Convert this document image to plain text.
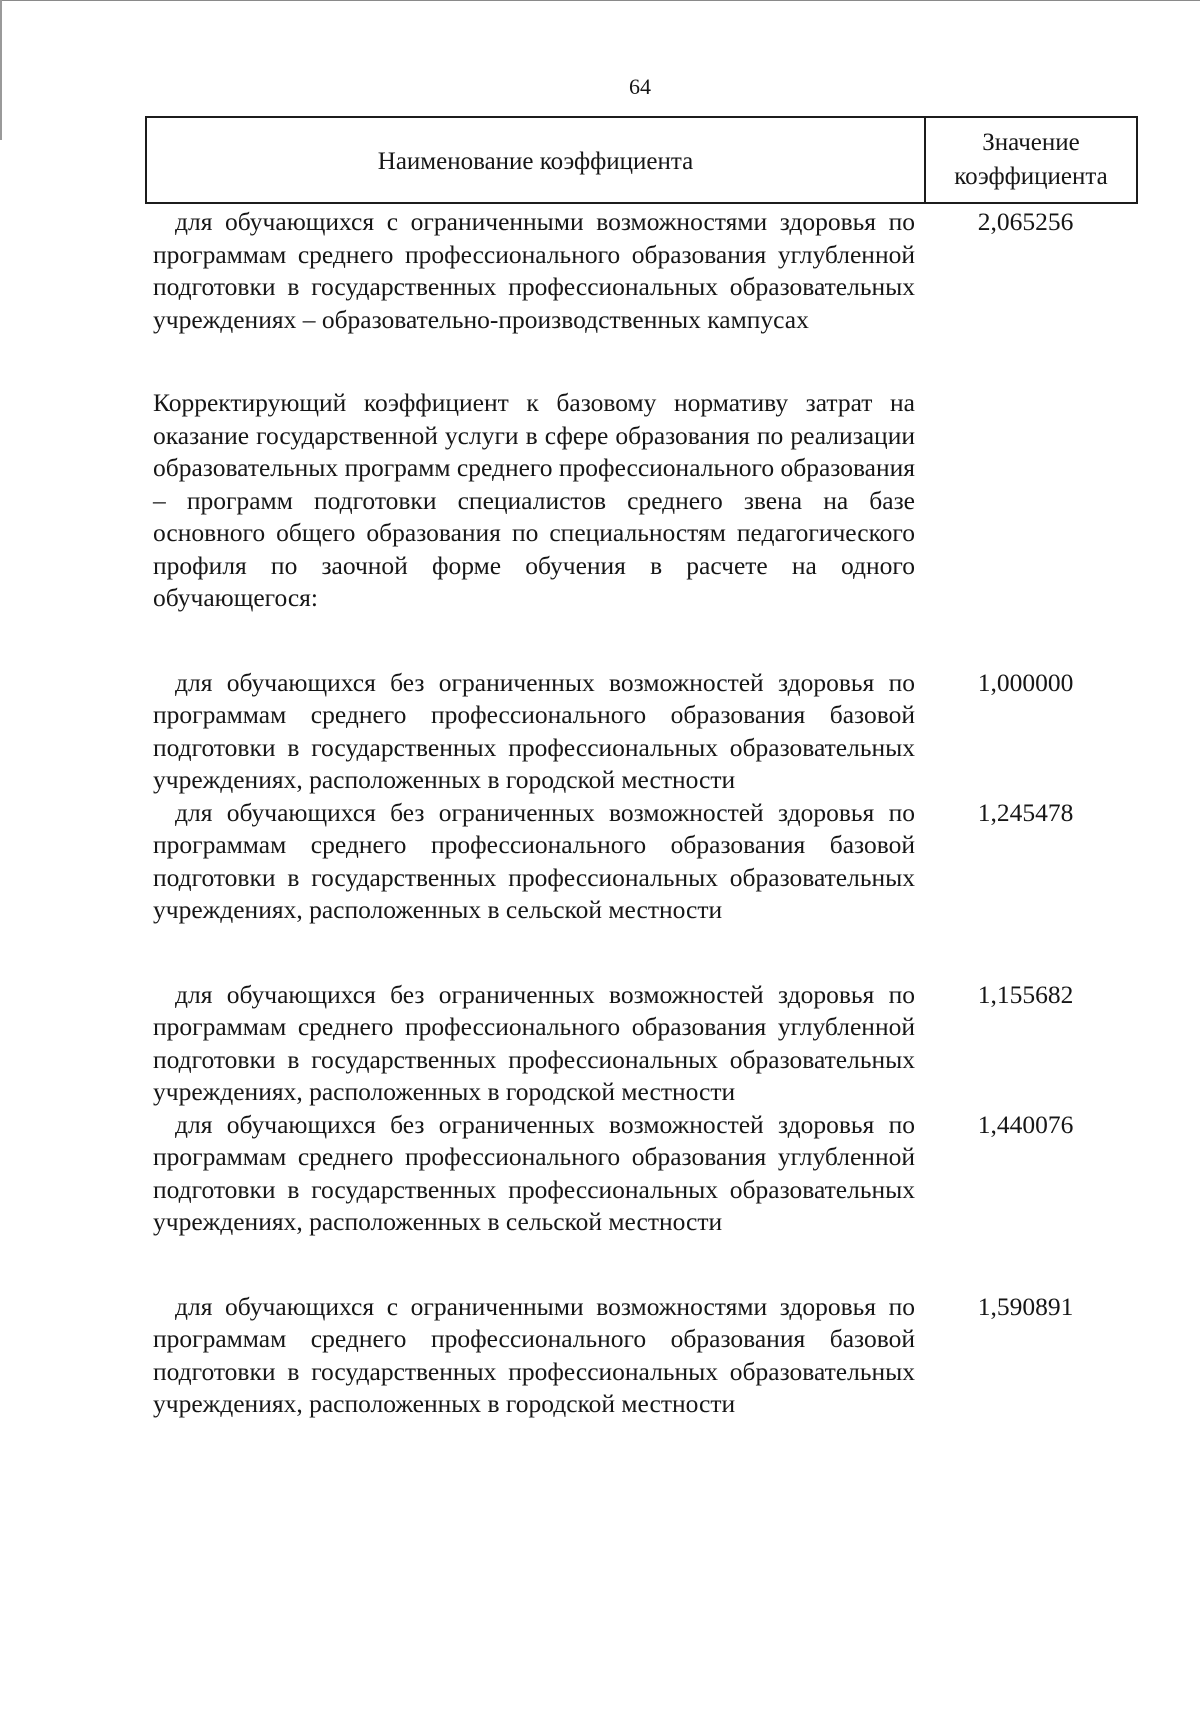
64
Наименование коэффициента
Значение
коэффициента
для обучающихся с ограниченными возможностями здоровья по программам среднего профессионального образования углубленной подготовки в государственных профессиональных образовательных учреждениях – образовательно-производственных кампусах
2,065256
Корректирующий коэффициент к базовому нормативу затрат на оказание государственной услуги в сфере образования по реализации образовательных программ среднего профессионального образования – программ подготовки специалистов среднего звена на базе основного общего образования по специальностям педагогического профиля по заочной форме обучения в расчете на одного обучающегося:
для обучающихся без ограниченных возможностей здоровья по программам среднего профессионального образования базовой подготовки в государственных профессиональных образовательных учреждениях, расположенных в городской местности
1,000000
для обучающихся без ограниченных возможностей здоровья по программам среднего профессионального образования базовой подготовки в государственных профессиональных образовательных учреждениях, расположенных в сельской местности
1,245478
для обучающихся без ограниченных возможностей здоровья по программам среднего профессионального образования углубленной подготовки в государственных профессиональных образовательных учреждениях, расположенных в городской местности
1,155682
для обучающихся без ограниченных возможностей здоровья по программам среднего профессионального образования углубленной подготовки в государственных профессиональных образовательных учреждениях, расположенных в сельской местности
1,440076
для обучающихся с ограниченными возможностями здоровья по программам среднего профессионального образования базовой подготовки в государственных профессиональных образовательных учреждениях, расположенных в городской местности
1,590891
